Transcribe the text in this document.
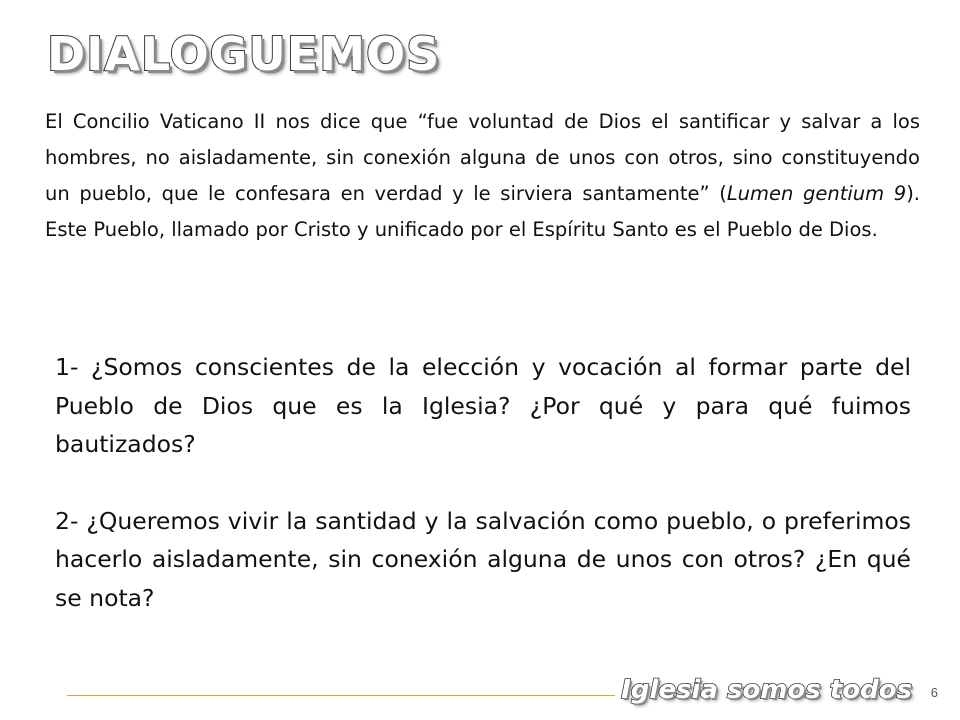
DIALOGUEMOS

El Concilio Vaticano II nos dice que “fue voluntad de Dios el santificar y salvar a los hombres, no aisladamente, sin conexión alguna de unos con otros, sino constituyendo un pueblo, que le confesara en verdad y le sirviera santamente” (Lumen gentium 9). Este Pueblo, llamado por Cristo y unificado por el Espíritu Santo es el Pueblo de Dios.

1- ¿Somos conscientes de la elección y vocación al formar parte del Pueblo de Dios que es la Iglesia? ¿Por qué y para qué fuimos bautizados?

2- ¿Queremos vivir la santidad y la salvación como pueblo, o preferimos hacerlo aisladamente, sin conexión alguna de unos con otros? ¿En qué se nota?

Iglesia somos todos 6
